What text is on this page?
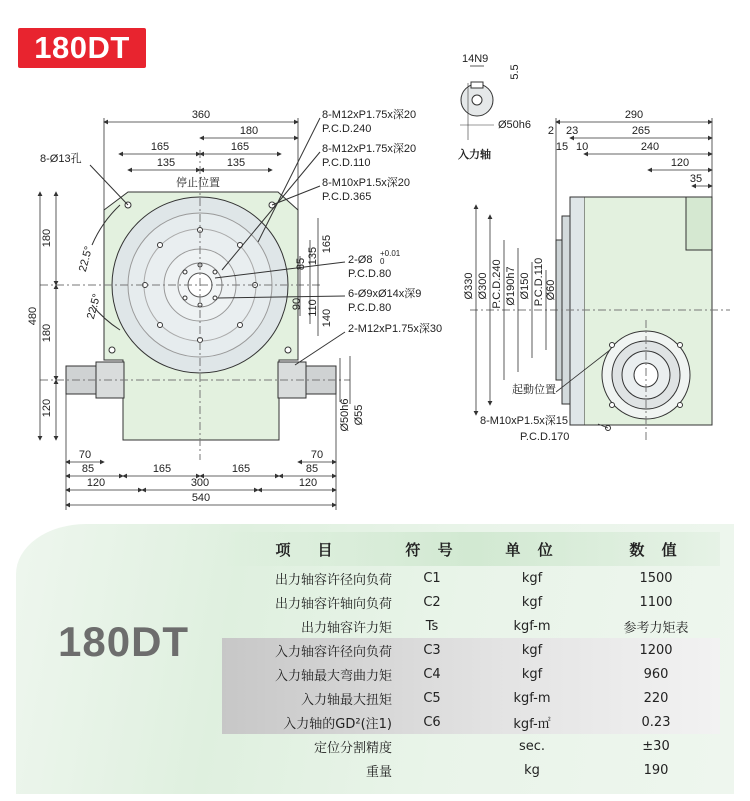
180DT
360
180
165	165
135	135
8-Ø13孔
停止位置
22.5°
22.5°
480
180
180
120
8-M12xP1.75x深20
P.C.D.240
8-M12xP1.75x深20
P.C.D.110
8-M10xP1.5x深20
P.C.D.365
2-Ø8
+0.01
0
P.C.D.80
6-Ø9xØ14x深9
P.C.D.80
2-M12xP1.75x深30
165
135
85
90 110
140
Ø50h6 Ø55
70
85
120
165	165
300
540
70
85
120
14N9
5.5
Ø50h6
入力轴
290
2 23	265
10
15	240
120
35
Ø330 Ø300 P.C.D.240 Ø190h7 Ø150 P.C.D.110 Ø60
起動位置
8-M10xP1.5x深15
P.C.D.170
180DT
项　目	符 号	单 位	数 值
出力轴容许径向负荷	C1	kgf	1500
出力轴容许轴向负荷	C2	kgf	1100
出力轴容许力矩	Ts	kgf-m	参考力矩表
入力轴容许径向负荷	C3	kgf	1200
入力轴最大弯曲力矩	C4	kgf	960
入力轴最大扭矩	C5	kgf-m	220
入力轴的GD²(注1)	C6	kgf-㎡	0.23
定位分割精度		sec.	±30
重量		kg	190
